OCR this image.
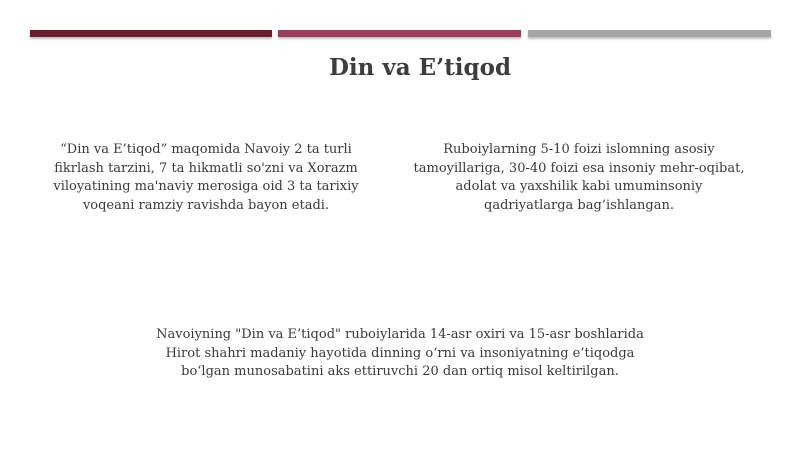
Din va E’tiqod

“Din va E’tiqod” maqomida Navoiy 2 ta turli fikrlash tarzini, 7 ta hikmatli so'zni va Xorazm viloyatining ma'naviy merosiga oid 3 ta tarixiy voqeani ramziy ravishda bayon etadi.

Ruboiylarning 5-10 foizi islomning asosiy tamoyillariga, 30-40 foizi esa insoniy mehr-oqibat, adolat va yaxshilik kabi umuminsoniy qadriyatlarga bag‘ishlangan.

Navoiyning "Din va E’tiqod" ruboiylarida 14-asr oxiri va 15-asr boshlarida Hirot shahri madaniy hayotida dinning o‘rni va insoniyatning e’tiqodga bo‘lgan munosabatini aks ettiruvchi 20 dan ortiq misol keltirilgan.
